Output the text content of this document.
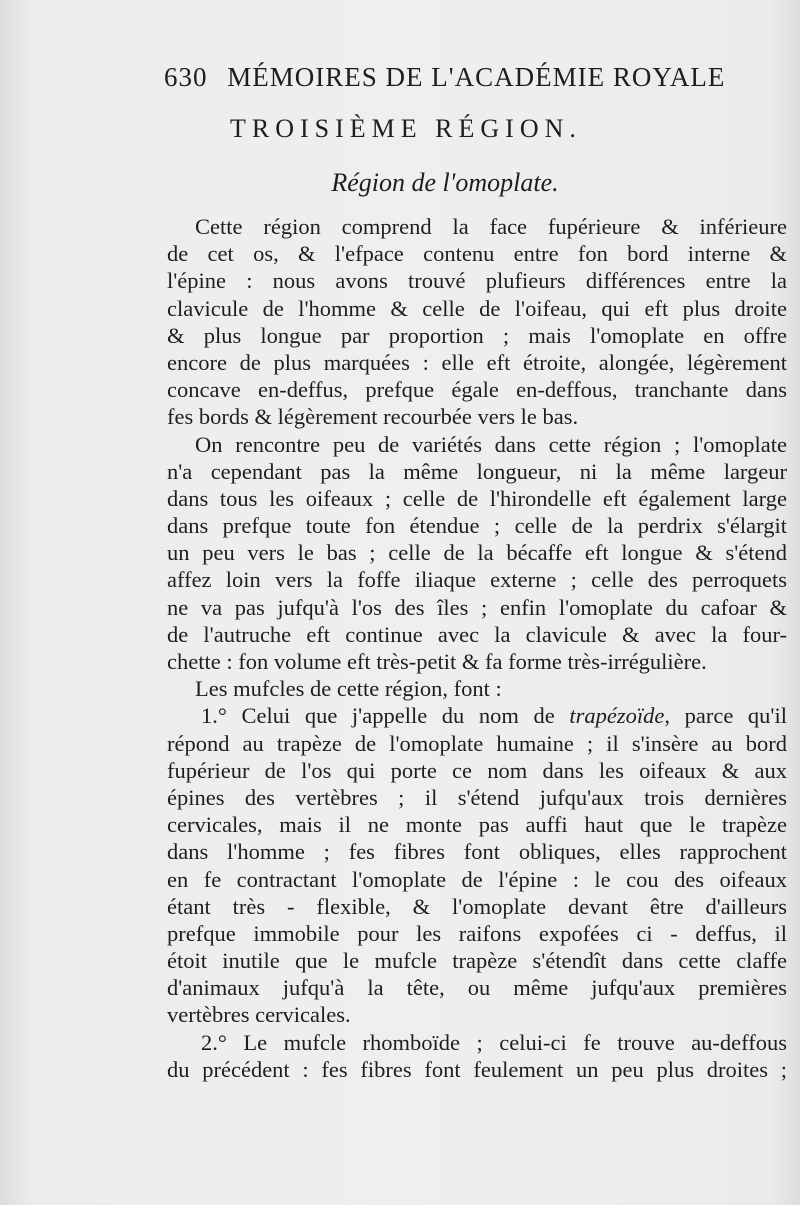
630 MÉMOIRES DE L'ACADÉMIE ROYALE
TROISIÈME RÉGION.
Région de l'omoplate.
Cette région comprend la face fupérieure & inférieure
de cet os, & l'efpace contenu entre fon bord interne &
l'épine : nous avons trouvé plufieurs différences entre la
clavicule de l'homme & celle de l'oifeau, qui eft plus droite
& plus longue par proportion ; mais l'omoplate en offre
encore de plus marquées : elle eft étroite, alongée, légèrement
concave en-deffus, prefque égale en-deffous, tranchante dans
fes bords & légèrement recourbée vers le bas.
On rencontre peu de variétés dans cette région ; l'omoplate
n'a cependant pas la même longueur, ni la même largeur
dans tous les oifeaux ; celle de l'hirondelle eft également large
dans prefque toute fon étendue ; celle de la perdrix s'élargit
un peu vers le bas ; celle de la bécaffe eft longue & s'étend
affez loin vers la foffe iliaque externe ; celle des perroquets
ne va pas jufqu'à l'os des îles ; enfin l'omoplate du cafoar &
de l'autruche eft continue avec la clavicule & avec la four-
chette : fon volume eft très-petit & fa forme très-irrégulière.
Les mufcles de cette région, font :
1.° Celui que j'appelle du nom de trapézoïde, parce qu'il
répond au trapèze de l'omoplate humaine ; il s'insère au bord
fupérieur de l'os qui porte ce nom dans les oifeaux & aux
épines des vertèbres ; il s'étend jufqu'aux trois dernières
cervicales, mais il ne monte pas auffi haut que le trapèze
dans l'homme ; fes fibres font obliques, elles rapprochent
en fe contractant l'omoplate de l'épine : le cou des oifeaux
étant très - flexible, & l'omoplate devant être d'ailleurs
prefque immobile pour les raifons expofées ci - deffus, il
étoit inutile que le mufcle trapèze s'étendît dans cette claffe
d'animaux jufqu'à la tête, ou même jufqu'aux premières
vertèbres cervicales.
2.° Le mufcle rhomboïde ; celui-ci fe trouve au-deffous
du précédent : fes fibres font feulement un peu plus droites ;
